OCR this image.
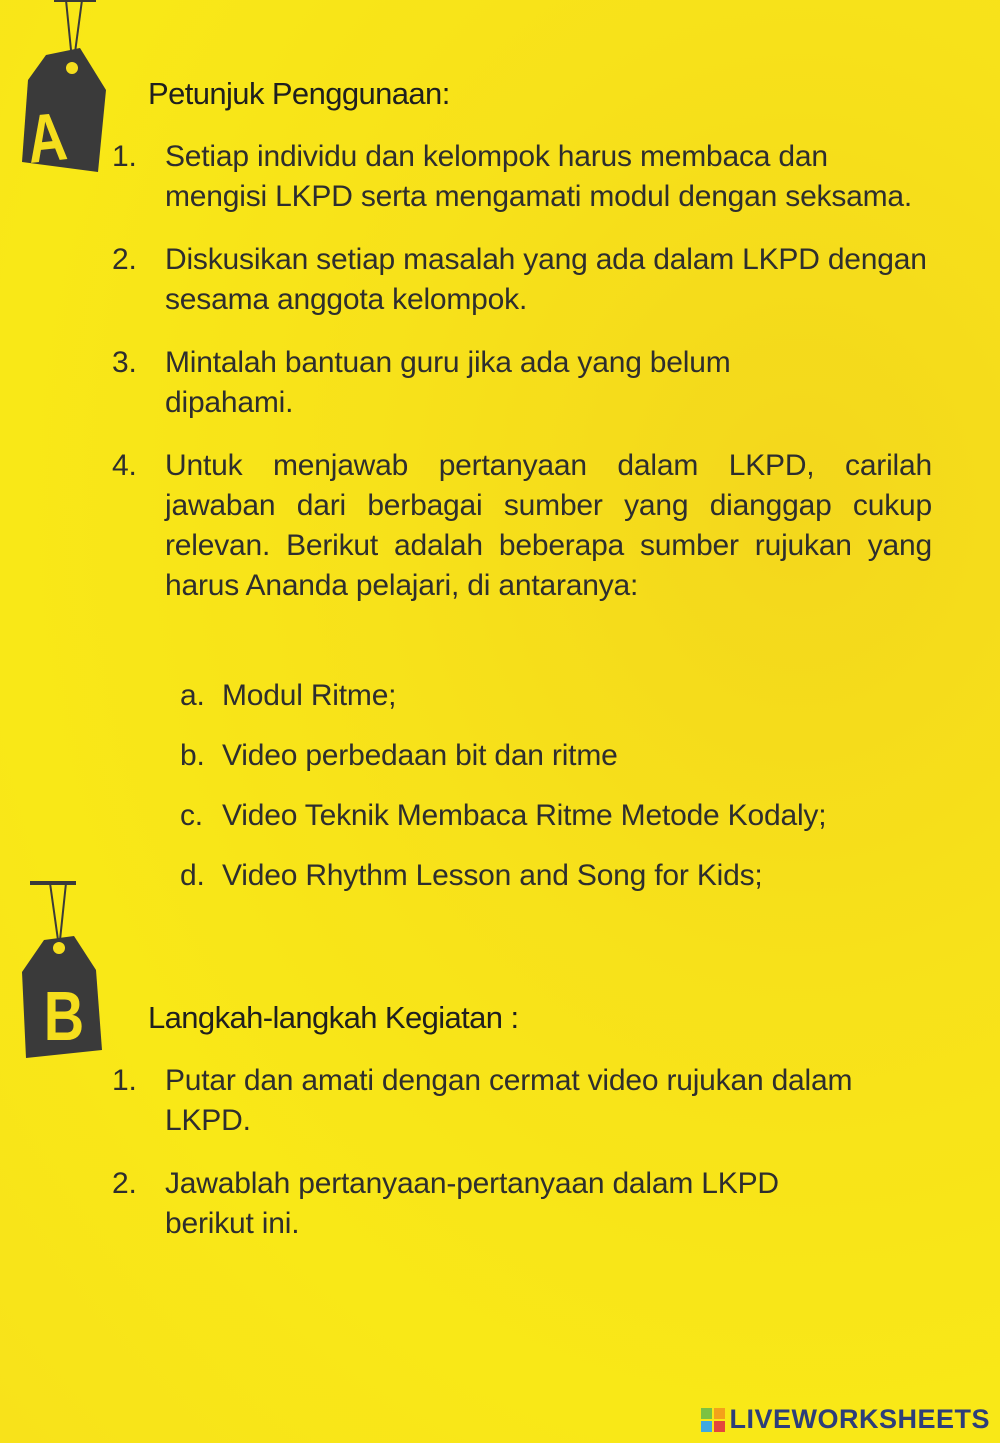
A
B
Petunjuk Penggunaan:
1. Setiap individu dan kelompok harus membaca dan mengisi LKPD serta mengamati modul dengan seksama.
2. Diskusikan setiap masalah yang ada dalam LKPD dengan sesama anggota kelompok.
3. Mintalah bantuan guru jika ada yang belum dipahami.
4. Untuk menjawab pertanyaan dalam LKPD, carilah jawaban dari berbagai sumber yang dianggap cukup relevan. Berikut adalah beberapa sumber rujukan yang harus Ananda pelajari, di antaranya:
a. Modul Ritme;
b. Video perbedaan bit dan ritme
c. Video Teknik Membaca Ritme Metode Kodaly;
d. Video Rhythm Lesson and Song for Kids;
Langkah-langkah Kegiatan :
1. Putar dan amati dengan cermat video rujukan dalam LKPD.
2. Jawablah pertanyaan-pertanyaan dalam LKPD berikut ini.
LIVEWORKSHEETS
